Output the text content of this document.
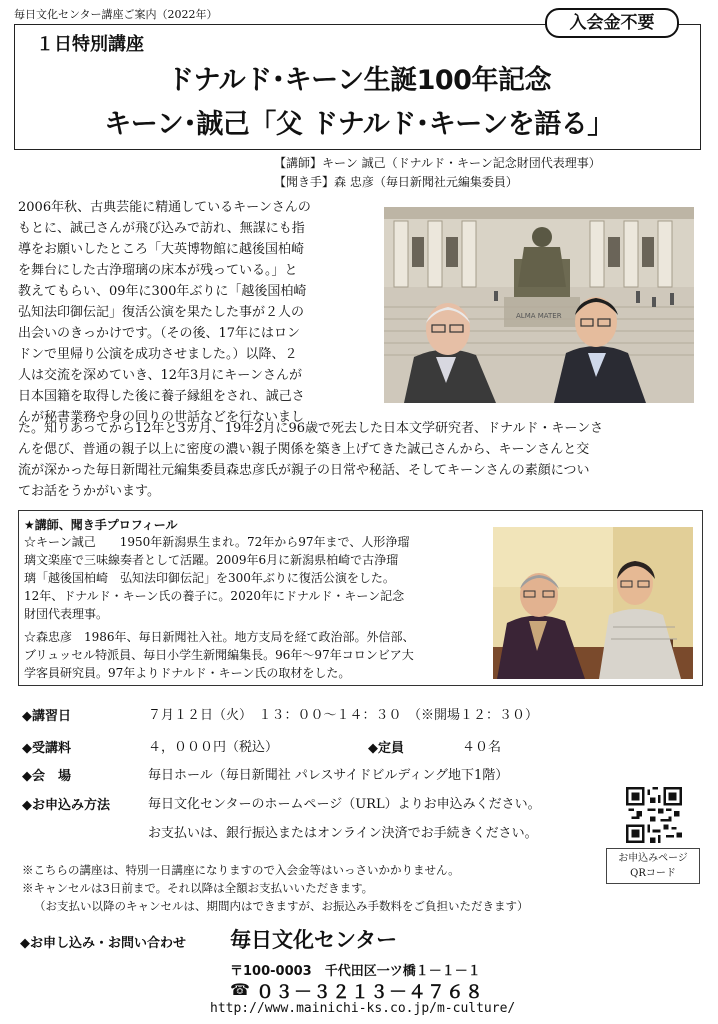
毎日文化センター講座ご案内（2022年）	入会金不要
１日特別講座
ドナルド･キーン生誕100年記念
キーン･誠己「父 ドナルド･キーンを語る」
【講師】キーン 誠己（ドナルド・キーン記念財団代表理事）
【聞き手】森 忠彦（毎日新聞社元編集委員）
2006年秋、古典芸能に精通しているキーンさんの
もとに、誠己さんが飛び込みで訪れ、無謀にも指
導をお願いしたところ「大英博物館に越後国柏崎
を舞台にした古浄瑠璃の床本が残っている。」と
教えてもらい、09年に300年ぶりに「越後国柏崎
弘知法印御伝記」復活公演を果たした事が２人の
出会いのきっかけです。（その後、17年にはロン
ドンで里帰り公演を成功させました。）以降、２
人は交流を深めていき、12年3月にキーンさんが
日本国籍を取得した後に養子縁組をされ、誠己さ
んが秘書業務や身の回りの世話などを行ないまし
ALMA MATER
た。知りあってから12年と3カ月、19年2月に96歳で死去した日本文学研究者、ドナルド・キーンさ
んを偲び、普通の親子以上に密度の濃い親子関係を築き上げてきた誠己さんから、キーンさんと交
流が深かった毎日新聞社元編集委員森忠彦氏が親子の日常や秘話、そしてキーンさんの素顔につい
てお話をうかがいます。
★講師、聞き手プロフィール
☆キーン誠己　　1950年新潟県生まれ。72年から97年まで、人形浄瑠
璃文楽座で三味線奏者として活躍。2009年6月に新潟県柏崎で古浄瑠
璃「越後国柏崎　弘知法印御伝記」を300年ぶりに復活公演をした。
12年、ドナルド・キーン氏の養子に。2020年にドナルド・キーン記念
財団代表理事。
☆森忠彦　1986年、毎日新聞社入社。地方支局を経て政治部。外信部、
ブリュッセル特派員、毎日小学生新聞編集長。96年～97年コロンビア大
学客員研究員。97年よりドナルド・キーン氏の取材をした。
◆講習日	７月１２日（火）　１３：００～１４：３０　（※開場１２：３０）
◆受講料	４，０００円（税込）	◆定員	４０名
◆会　場	毎日ホール（毎日新聞社 パレスサイドビルディング地下1階）
◆お申込み方法	毎日文化センターのホームページ（URL）よりお申込みください。
お支払いは、銀行振込またはオンライン決済でお手続きください。
お申込みページ
QRコード
※こちらの講座は、特別一日講座になりますので入会金等はいっさいかかりません。
※キャンセルは3日前まで。それ以降は全額お支払いいただきます。
（お支払い以降のキャンセルは、期間内はできますが、お振込み手数料をご負担いただきます）
◆お申し込み・お問い合わせ 毎日文化センター
〒100-0003　千代田区一ツ橋１－１－１
☎ ０３－３２１３－４７６８
http://www.mainichi-ks.co.jp/m-culture/
